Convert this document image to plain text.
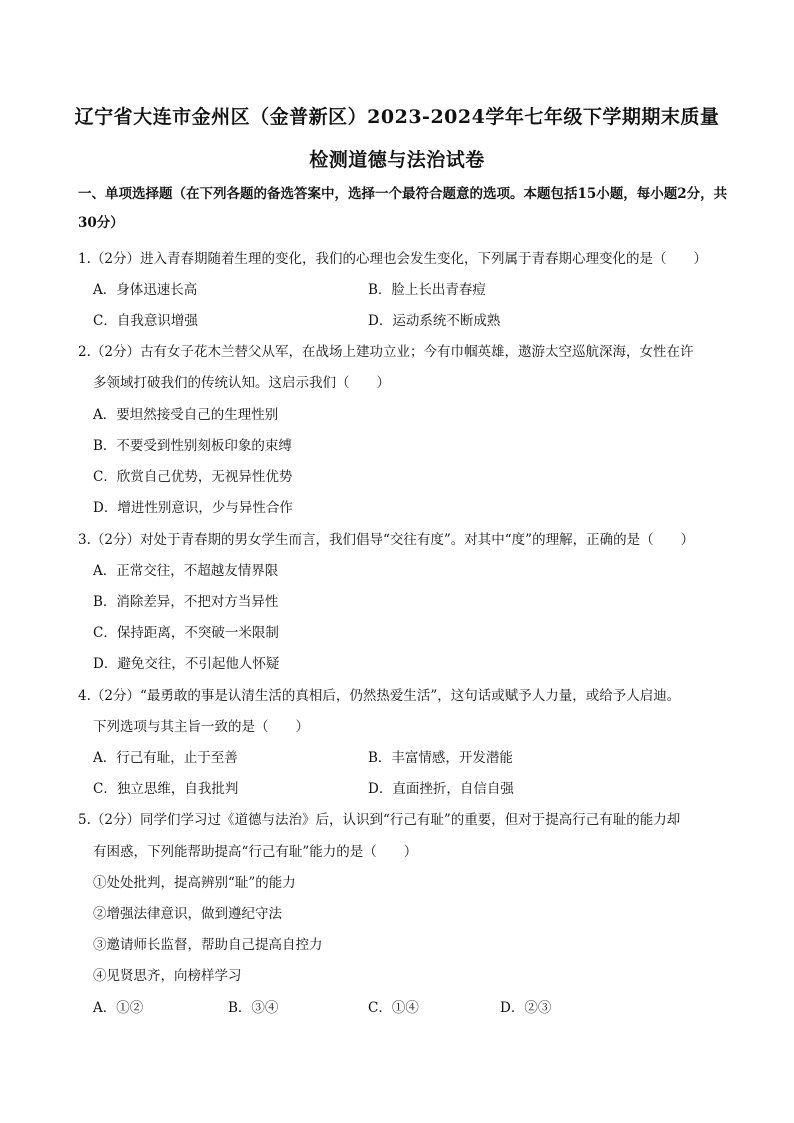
辽宁省大连市金州区（金普新区）2023-2024学年七年级下学期期末质量
检测道德与法治试卷
一、单项选择题（在下列各题的备选答案中，选择一个最符合题意的选项。本题包括15小题，每小题2分，共30分）
1.（2分）进入青春期随着生理的变化，我们的心理也会发生变化，下列属于青春期心理变化的是（　　）
A．身体迅速长高	B．脸上长出青春痘
C．自我意识增强	D．运动系统不断成熟
2.（2分）古有女子花木兰替父从军，在战场上建功立业；今有巾帼英雄，遨游太空巡航深海，女性在许
多领域打破我们的传统认知。这启示我们（　　）
A．要坦然接受自己的生理性别
B．不要受到性别刻板印象的束缚
C．欣赏自己优势，无视异性优势
D．增进性别意识，少与异性合作
3.（2分）对处于青春期的男女学生而言，我们倡导“交往有度”。对其中“度”的理解，正确的是（　　）
A．正常交往，不超越友情界限
B．消除差异，不把对方当异性
C．保持距离，不突破一米限制
D．避免交往，不引起他人怀疑
4.（2分）“最勇敢的事是认清生活的真相后，仍然热爱生活”，这句话或赋予人力量，或给予人启迪。
下列选项与其主旨一致的是（　　）
A．行己有耻，止于至善	B．丰富情感，开发潜能
C．独立思维，自我批判	D．直面挫折，自信自强
5.（2分）同学们学习过《道德与法治》后，认识到“行己有耻”的重要，但对于提高行己有耻的能力却
有困惑，下列能帮助提高“行己有耻”能力的是（　　）
①处处批判，提高辨别“耻”的能力
②增强法律意识，做到遵纪守法
③邀请师长监督，帮助自己提高自控力
④见贤思齐，向榜样学习
A．①②	B．③④	C．①④	D．②③
